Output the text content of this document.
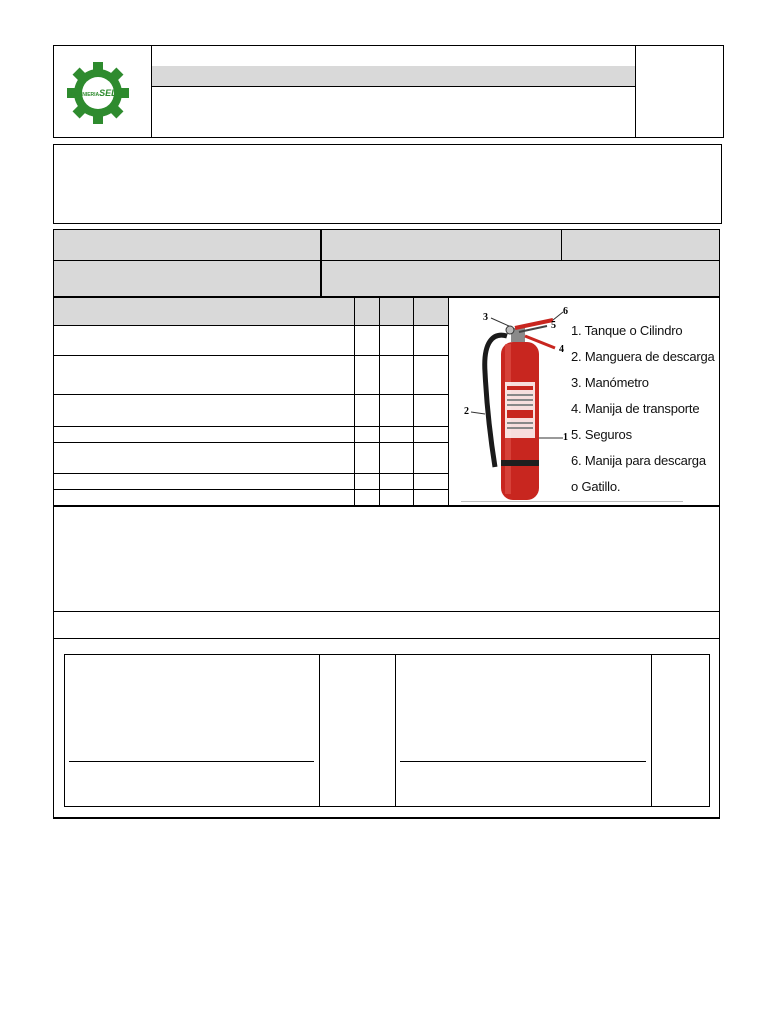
INGENIERIASELVA
1
2
3
4
5
6
1. Tanque o Cilindro
2. Manguera de descarga
3. Manómetro
4. Manija de transporte
5. Seguros
6. Manija para descarga
o Gatillo.
